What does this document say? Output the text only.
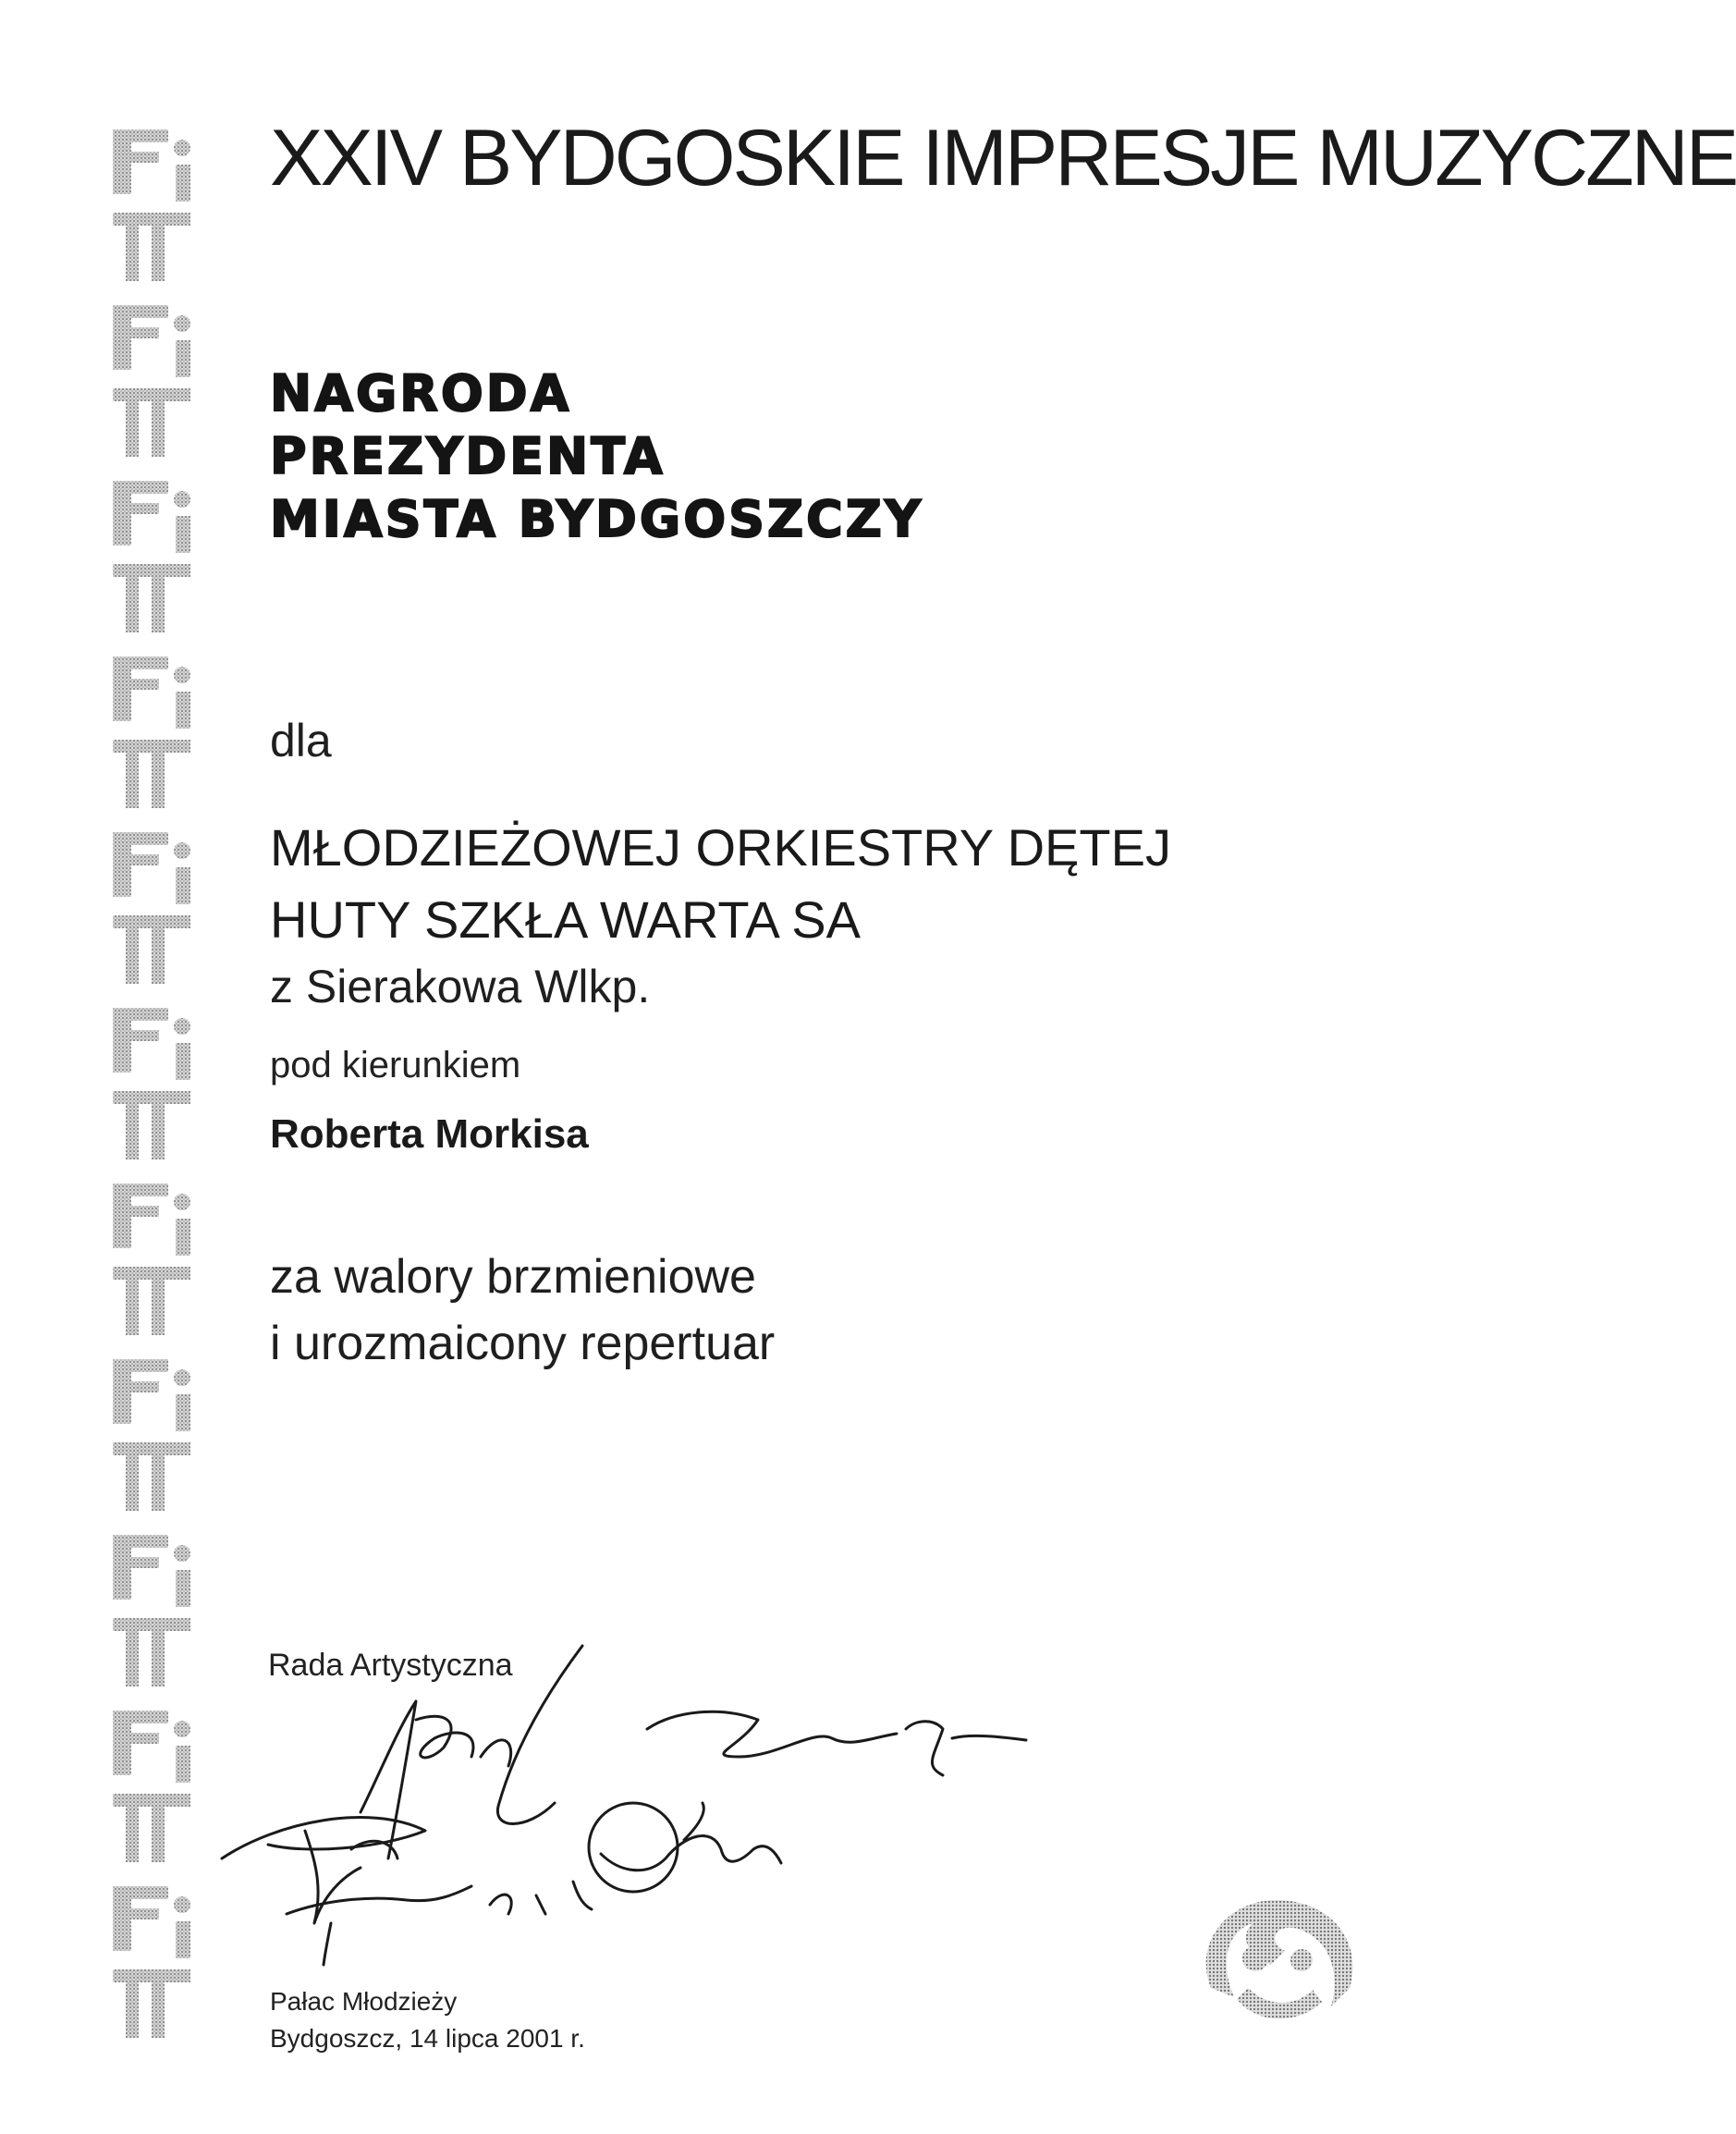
XXIV BYDGOSKIE IMPRESJE MUZYCZNE
NAGRODA
PREZYDENTA
MIASTA BYDGOSZCZY
dla
MŁODZIEŻOWEJ ORKIESTRY DĘTEJ
HUTY SZKŁA WARTA SA
z Sierakowa Wlkp.
pod kierunkiem
Roberta Morkisa
za walory brzmieniowe
i urozmaicony repertuar
Rada Artystyczna
Pałac Młodzieży
Bydgoszcz, 14 lipca 2001 r.
